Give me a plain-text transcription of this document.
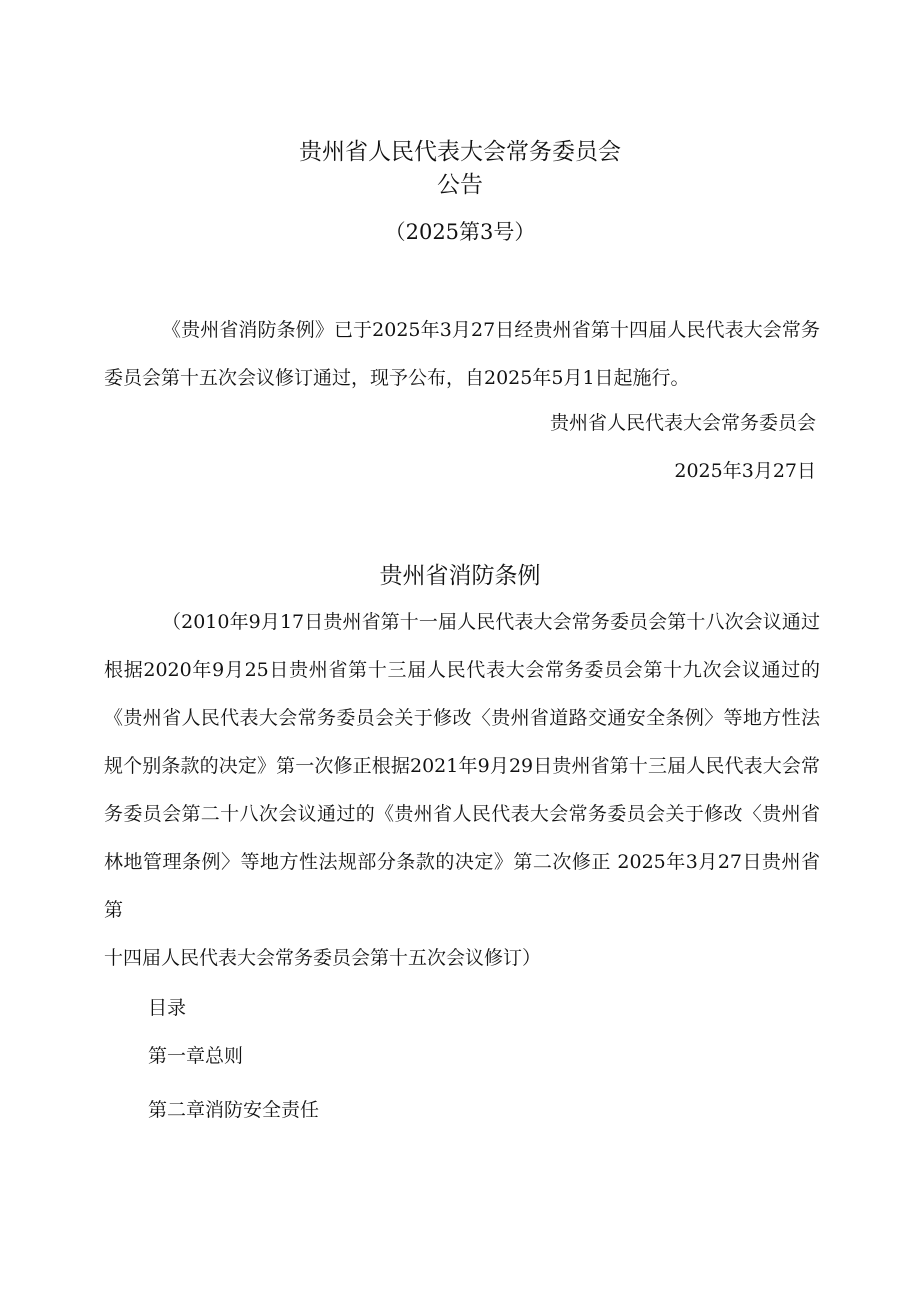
贵州省人民代表大会常务委员会
公告
（2025第3号）
《贵州省消防条例》已于2025年3月27日经贵州省第十四届人民代表大会常务委员会第十五次会议修订通过，现予公布，自2025年5月1日起施行。
贵州省人民代表大会常务委员会
2025年3月27日
贵州省消防条例
（2010年9月17日贵州省第十一届人民代表大会常务委员会第十八次会议通过根据2020年9月25日贵州省第十三届人民代表大会常务委员会第十九次会议通过的《贵州省人民代表大会常务委员会关于修改〈贵州省道路交通安全条例〉等地方性法规个别条款的决定》第一次修正根据2021年9月29日贵州省第十三届人民代表大会常务委员会第二十八次会议通过的《贵州省人民代表大会常务委员会关于修改〈贵州省林地管理条例〉等地方性法规部分条款的决定》第二次修正 2025年3月27日贵州省第
十四届人民代表大会常务委员会第十五次会议修订）
目录
第一章总则
第二章消防安全责任
